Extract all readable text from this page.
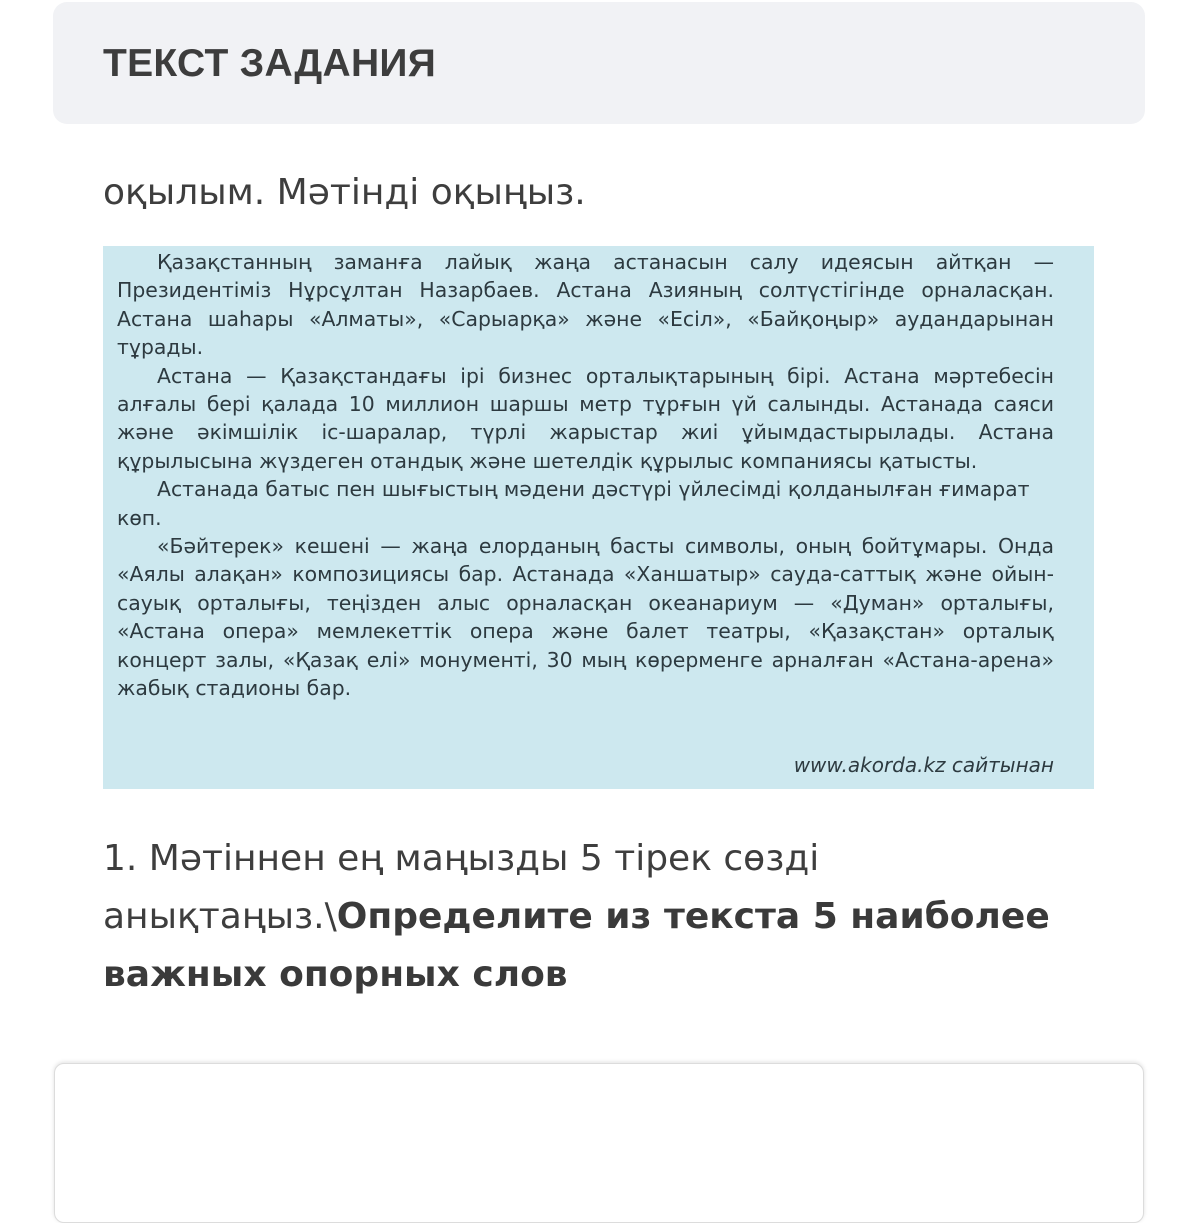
ТЕКСТ ЗАДАНИЯ
оқылым. Мәтінді оқыңыз.

Қазақстанның заманға лайық жаңа астанасын салу идеясын айтқан — Президентіміз Нұрсұлтан Назарбаев. Астана Азияның солтүстігінде орналасқан. Астана шаһары «Алматы», «Сарыарқа» және «Есіл», «Байқоңыр» аудандарынан тұрады.

Астана — Қазақстандағы ірі бизнес орталықтарының бірі. Астана мәртебесін алғалы бері қалада 10 миллион шаршы метр тұрғын үй салынды. Астанада саяси және әкімшілік іс-шаралар, түрлі жарыстар жиі ұйымдастырылады. Астана құрылысына жүздеген отандық және шетелдік құрылыс компаниясы қатысты.

Астанада батыс пен шығыстың мәдени дәстүрі үйлесімді қолданылған ғимарат көп.

«Бәйтерек» кешені — жаңа елорданың басты символы, оның бойтұмары. Онда «Аялы алақан» композициясы бар. Астанада «Ханшатыр» сауда-саттық және ойын-сауық орталығы, теңізден алыс орналасқан океанариум — «Думан» орталығы, «Астана опера» мемлекеттік опера және балет театры, «Қазақстан» орталық концерт залы, «Қазақ елі» монументі, 30 мың көрерменге арналған «Астана-арена» жабық стадионы бар.

www.akorda.kz сайтынан
1. Мәтіннен ең маңызды 5 тірек сөзді анықтаңыз.\Определите из текста 5 наиболее важных опорных слов
